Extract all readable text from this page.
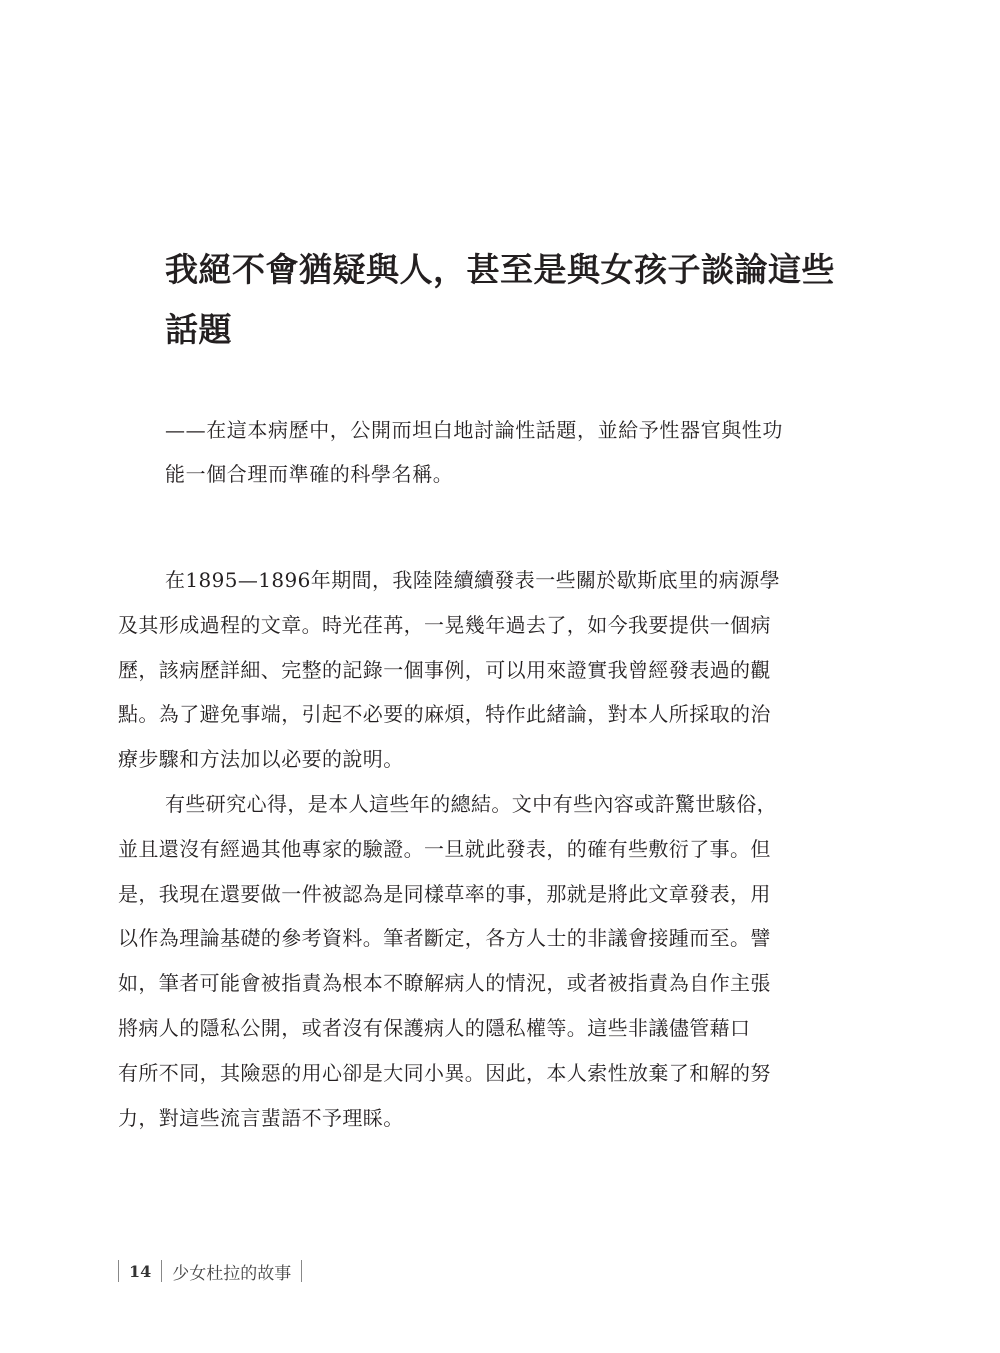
我絕不會猶疑與人，甚至是與女孩子談論這些
話題

——在這本病歷中，公開而坦白地討論性話題，並給予性器官與性功
能一個合理而準確的科學名稱。

在1895—1896年期間，我陸陸續續發表一些關於歇斯底里的病源學
及其形成過程的文章。時光荏苒，一晃幾年過去了，如今我要提供一個病
歷，該病歷詳細、完整的記錄一個事例，可以用來證實我曾經發表過的觀
點。為了避免事端，引起不必要的麻煩，特作此緒論，對本人所採取的治
療步驟和方法加以必要的說明。

有些研究心得，是本人這些年的總結。文中有些內容或許驚世駭俗，
並且還沒有經過其他專家的驗證。一旦就此發表，的確有些敷衍了事。但
是，我現在還要做一件被認為是同樣草率的事，那就是將此文章發表，用
以作為理論基礎的參考資料。筆者斷定，各方人士的非議會接踵而至。譬
如，筆者可能會被指責為根本不瞭解病人的情況，或者被指責為自作主張
將病人的隱私公開，或者沒有保護病人的隱私權等。這些非議儘管藉口
有所不同，其險惡的用心卻是大同小異。因此，本人索性放棄了和解的努
力，對這些流言蜚語不予理睬。

14 少女杜拉的故事
